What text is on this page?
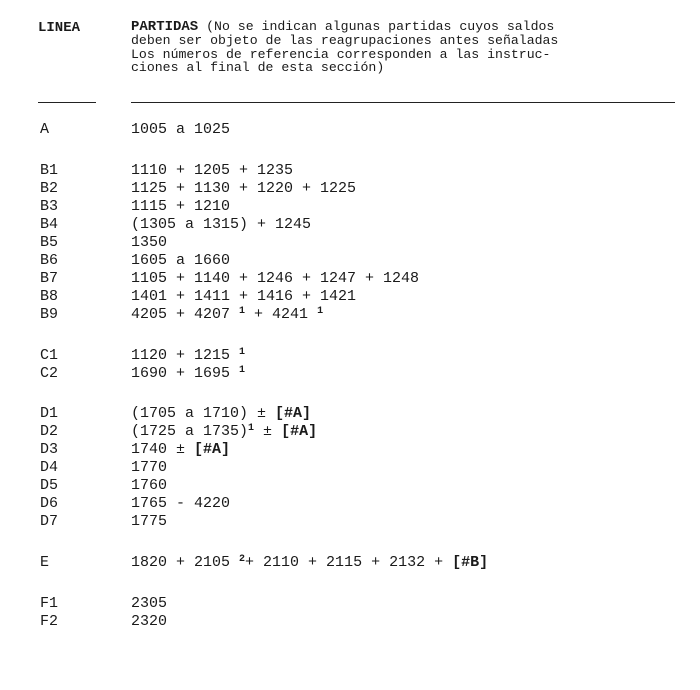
LINEA	PARTIDAS (No se indican algunas partidas cuyos saldos
deben ser objeto de las reagrupaciones antes señaladas
Los números de referencia corresponden a las instruc-
ciones al final de esta sección)
A	1005 a 1025
B1	1110 + 1205 + 1235
B2	1125 + 1130 + 1220 + 1225
B3	1115 + 1210
B4	(1305 a 1315) + 1245
B5	1350
B6	1605 a 1660
B7	1105 + 1140 + 1246 + 1247 + 1248
B8	1401 + 1411 + 1416 + 1421
B9	4205 + 4207 $^1$ + 4241 $^1$
C1	1120 + 1215 $^1$
C2	1690 + 1695 $^1$
D1	(1705 a 1710) ± [#A]
D2	(1725 a 1735)$^1$ ± [#A]
D3	1740 ± [#A]
D4	1770
D5	1760
D6	1765 - 4220
D7	1775
E	1820 + 2105 $^2$+ 2110 + 2115 + 2132 + [#B]
F1	2305
F2	2320
